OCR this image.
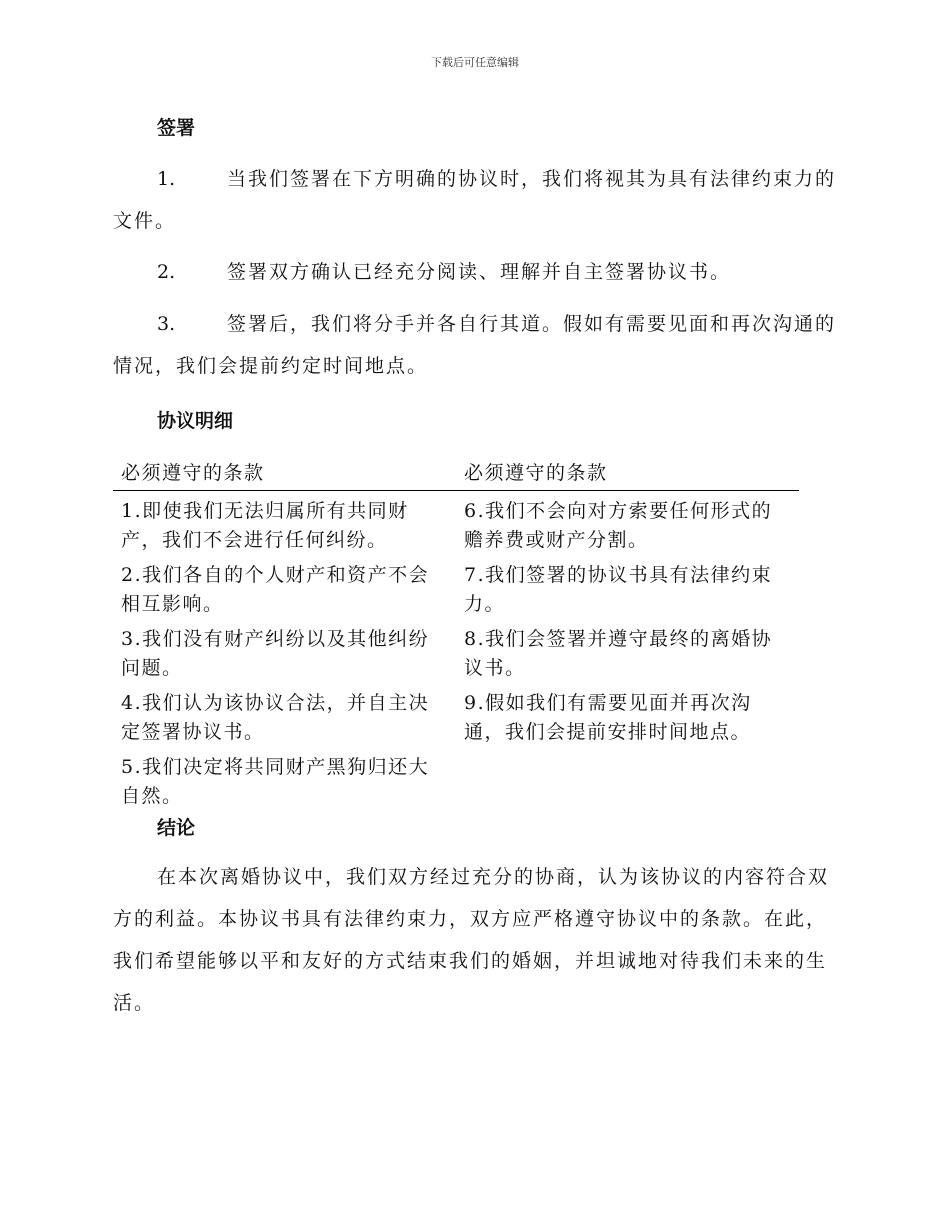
下载后可任意编辑
签署

1.	当我们签署在下方明确的协议时，我们将视其为具有法律约束力的文件。

2.	签署双方确认已经充分阅读、理解并自主签署协议书。

3.	签署后，我们将分手并各自行其道。假如有需要见面和再次沟通的情况，我们会提前约定时间地点。

协议明细
必须遵守的条款	必须遵守的条款
1.即使我们无法归属所有共同财产，我们不会进行任何纠纷。	6.我们不会向对方索要任何形式的赡养费或财产分割。
2.我们各自的个人财产和资产不会相互影响。	7.我们签署的协议书具有法律约束力。
3.我们没有财产纠纷以及其他纠纷问题。	8.我们会签署并遵守最终的离婚协议书。
4.我们认为该协议合法，并自主决定签署协议书。	9.假如我们有需要见面并再次沟通，我们会提前安排时间地点。
5.我们决定将共同财产黑狗归还大自然。	
结论

在本次离婚协议中，我们双方经过充分的协商，认为该协议的内容符合双方的利益。本协议书具有法律约束力，双方应严格遵守协议中的条款。在此，我们希望能够以平和友好的方式结束我们的婚姻，并坦诚地对待我们未来的生活。
